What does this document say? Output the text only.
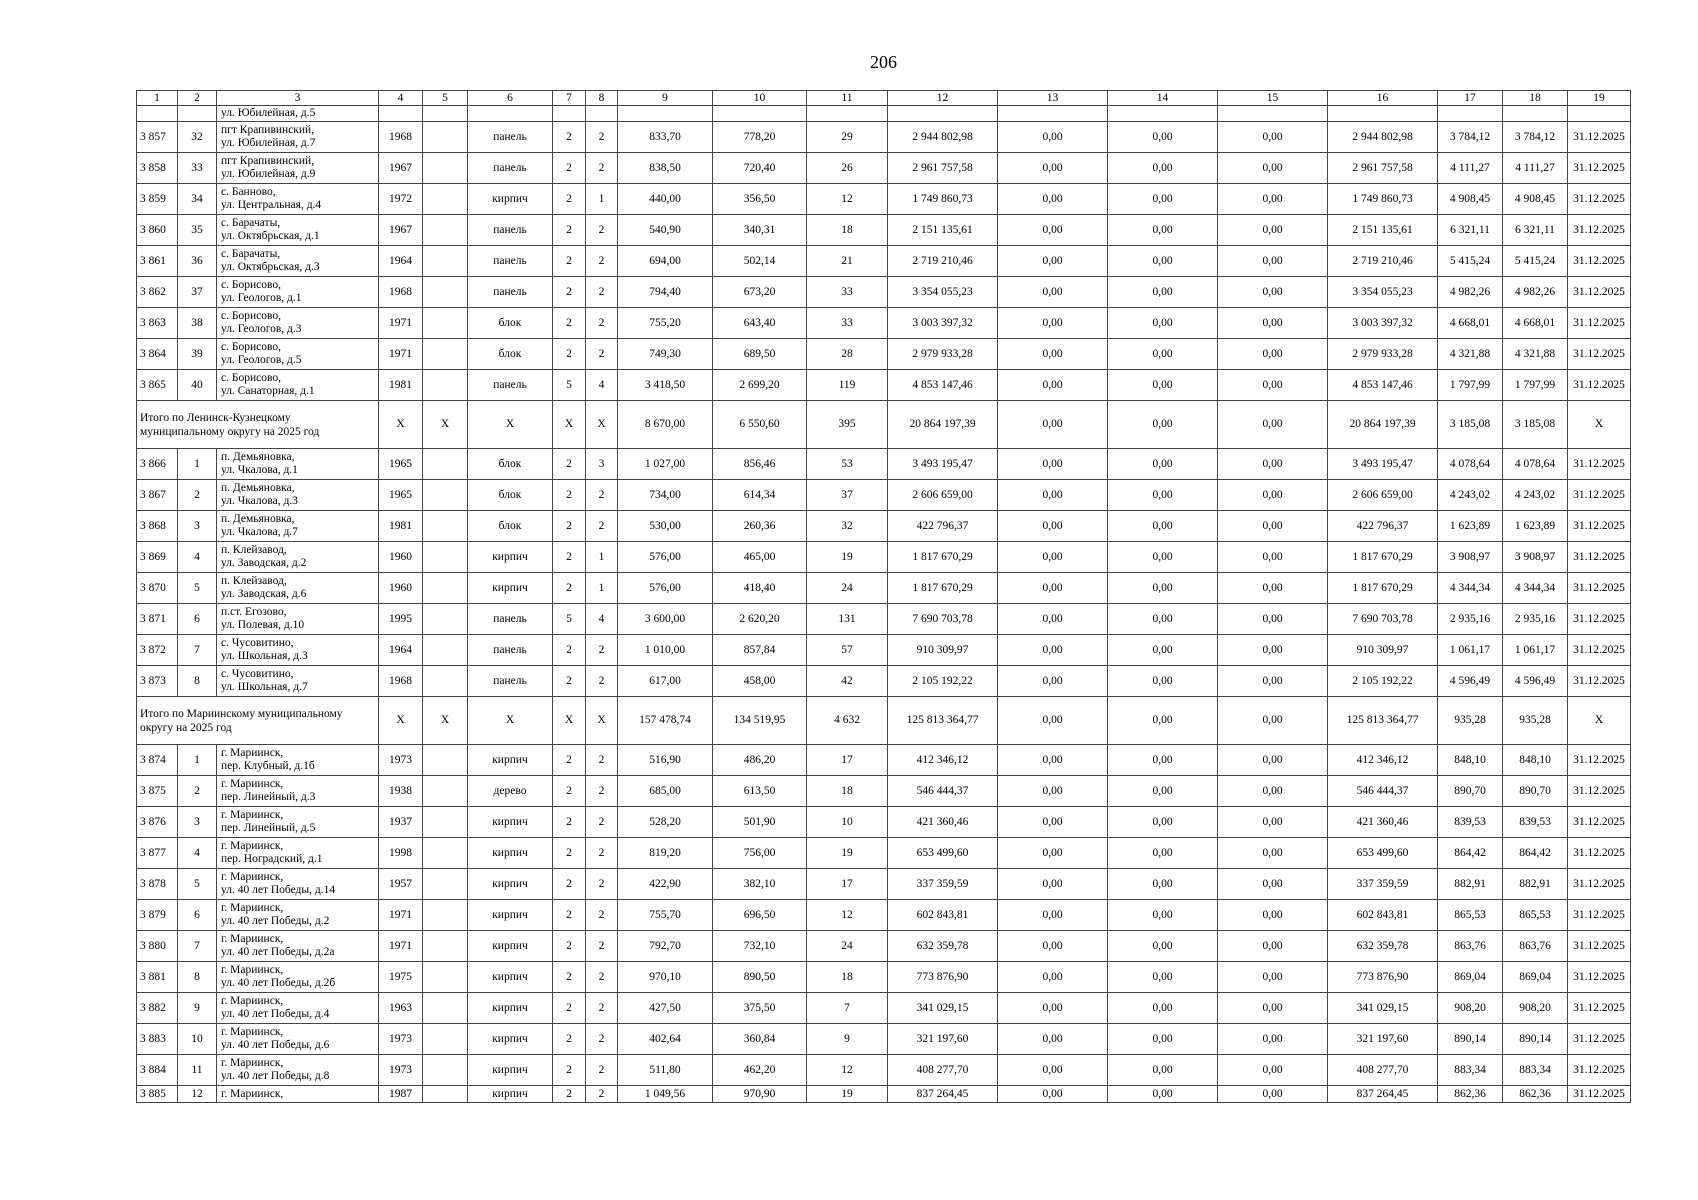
206
1	2	3	4	5	6	7	8	9	10	11	12	13	14	15	16	17	18	19
		ул. Юбилейная, д.5																
3 857	32	пгт Крапивинский,
ул. Юбилейная, д.7	1968		панель	2	2	833,70	778,20	29	2 944 802,98	0,00	0,00	0,00	2 944 802,98	3 784,12	3 784,12	31.12.2025
3 858	33	пгт Крапивинский,
ул. Юбилейная, д.9	1967		панель	2	2	838,50	720,40	26	2 961 757,58	0,00	0,00	0,00	2 961 757,58	4 111,27	4 111,27	31.12.2025
3 859	34	с. Банново,
ул. Центральная, д.4	1972		кирпич	2	1	440,00	356,50	12	1 749 860,73	0,00	0,00	0,00	1 749 860,73	4 908,45	4 908,45	31.12.2025
3 860	35	с. Барачаты,
ул. Октябрьская, д.1	1967		панель	2	2	540,90	340,31	18	2 151 135,61	0,00	0,00	0,00	2 151 135,61	6 321,11	6 321,11	31.12.2025
3 861	36	с. Барачаты,
ул. Октябрьская, д.3	1964		панель	2	2	694,00	502,14	21	2 719 210,46	0,00	0,00	0,00	2 719 210,46	5 415,24	5 415,24	31.12.2025
3 862	37	с. Борисово,
ул. Геологов, д.1	1968		панель	2	2	794,40	673,20	33	3 354 055,23	0,00	0,00	0,00	3 354 055,23	4 982,26	4 982,26	31.12.2025
3 863	38	с. Борисово,
ул. Геологов, д.3	1971		блок	2	2	755,20	643,40	33	3 003 397,32	0,00	0,00	0,00	3 003 397,32	4 668,01	4 668,01	31.12.2025
3 864	39	с. Борисово,
ул. Геологов, д.5	1971		блок	2	2	749,30	689,50	28	2 979 933,28	0,00	0,00	0,00	2 979 933,28	4 321,88	4 321,88	31.12.2025
3 865	40	с. Борисово,
ул. Санаторная, д.1	1981		панель	5	4	3 418,50	2 699,20	119	4 853 147,46	0,00	0,00	0,00	4 853 147,46	1 797,99	1 797,99	31.12.2025
Итого по Ленинск-Кузнецкому муниципальному округу на 2025 год			X	X	X	X	X	8 670,00	6 550,60	395	20 864 197,39	0,00	0,00	0,00	20 864 197,39	3 185,08	3 185,08	X
3 866	1	п. Демьяновка,
ул. Чкалова, д.1	1965		блок	2	3	1 027,00	856,46	53	3 493 195,47	0,00	0,00	0,00	3 493 195,47	4 078,64	4 078,64	31.12.2025
3 867	2	п. Демьяновка,
ул. Чкалова, д.3	1965		блок	2	2	734,00	614,34	37	2 606 659,00	0,00	0,00	0,00	2 606 659,00	4 243,02	4 243,02	31.12.2025
3 868	3	п. Демьяновка,
ул. Чкалова, д.7	1981		блок	2	2	530,00	260,36	32	422 796,37	0,00	0,00	0,00	422 796,37	1 623,89	1 623,89	31.12.2025
3 869	4	п. Клейзавод,
ул. Заводская, д.2	1960		кирпич	2	1	576,00	465,00	19	1 817 670,29	0,00	0,00	0,00	1 817 670,29	3 908,97	3 908,97	31.12.2025
3 870	5	п. Клейзавод,
ул. Заводская, д.6	1960		кирпич	2	1	576,00	418,40	24	1 817 670,29	0,00	0,00	0,00	1 817 670,29	4 344,34	4 344,34	31.12.2025
3 871	6	п.ст. Егозово,
ул. Полевая, д.10	1995		панель	5	4	3 600,00	2 620,20	131	7 690 703,78	0,00	0,00	0,00	7 690 703,78	2 935,16	2 935,16	31.12.2025
3 872	7	с. Чусовитино,
ул. Школьная, д.3	1964		панель	2	2	1 010,00	857,84	57	910 309,97	0,00	0,00	0,00	910 309,97	1 061,17	1 061,17	31.12.2025
3 873	8	с. Чусовитино,
ул. Школьная, д.7	1968		панель	2	2	617,00	458,00	42	2 105 192,22	0,00	0,00	0,00	2 105 192,22	4 596,49	4 596,49	31.12.2025
Итого по Мариинскому муниципальному округу на 2025 год			X	X	X	X	X	157 478,74	134 519,95	4 632	125 813 364,77	0,00	0,00	0,00	125 813 364,77	935,28	935,28	X
3 874	1	г. Мариинск,
пер. Клубный, д.1б	1973		кирпич	2	2	516,90	486,20	17	412 346,12	0,00	0,00	0,00	412 346,12	848,10	848,10	31.12.2025
3 875	2	г. Мариинск,
пер. Линейный, д.3	1938		дерево	2	2	685,00	613,50	18	546 444,37	0,00	0,00	0,00	546 444,37	890,70	890,70	31.12.2025
3 876	3	г. Мариинск,
пер. Линейный, д.5	1937		кирпич	2	2	528,20	501,90	10	421 360,46	0,00	0,00	0,00	421 360,46	839,53	839,53	31.12.2025
3 877	4	г. Мариинск,
пер. Ноградский, д.1	1998		кирпич	2	2	819,20	756,00	19	653 499,60	0,00	0,00	0,00	653 499,60	864,42	864,42	31.12.2025
3 878	5	г. Мариинск,
ул. 40 лет Победы, д.14	1957		кирпич	2	2	422,90	382,10	17	337 359,59	0,00	0,00	0,00	337 359,59	882,91	882,91	31.12.2025
3 879	6	г. Мариинск,
ул. 40 лет Победы, д.2	1971		кирпич	2	2	755,70	696,50	12	602 843,81	0,00	0,00	0,00	602 843,81	865,53	865,53	31.12.2025
3 880	7	г. Мариинск,
ул. 40 лет Победы, д.2а	1971		кирпич	2	2	792,70	732,10	24	632 359,78	0,00	0,00	0,00	632 359,78	863,76	863,76	31.12.2025
3 881	8	г. Мариинск,
ул. 40 лет Победы, д.2б	1975		кирпич	2	2	970,10	890,50	18	773 876,90	0,00	0,00	0,00	773 876,90	869,04	869,04	31.12.2025
3 882	9	г. Мариинск,
ул. 40 лет Победы, д.4	1963		кирпич	2	2	427,50	375,50	7	341 029,15	0,00	0,00	0,00	341 029,15	908,20	908,20	31.12.2025
3 883	10	г. Мариинск,
ул. 40 лет Победы, д.6	1973		кирпич	2	2	402,64	360,84	9	321 197,60	0,00	0,00	0,00	321 197,60	890,14	890,14	31.12.2025
3 884	11	г. Мариинск,
ул. 40 лет Победы, д.8	1973		кирпич	2	2	511,80	462,20	12	408 277,70	0,00	0,00	0,00	408 277,70	883,34	883,34	31.12.2025
3 885	12	г. Мариинск,	1987		кирпич	2	2	1 049,56	970,90	19	837 264,45	0,00	0,00	0,00	837 264,45	862,36	862,36	31.12.2025
